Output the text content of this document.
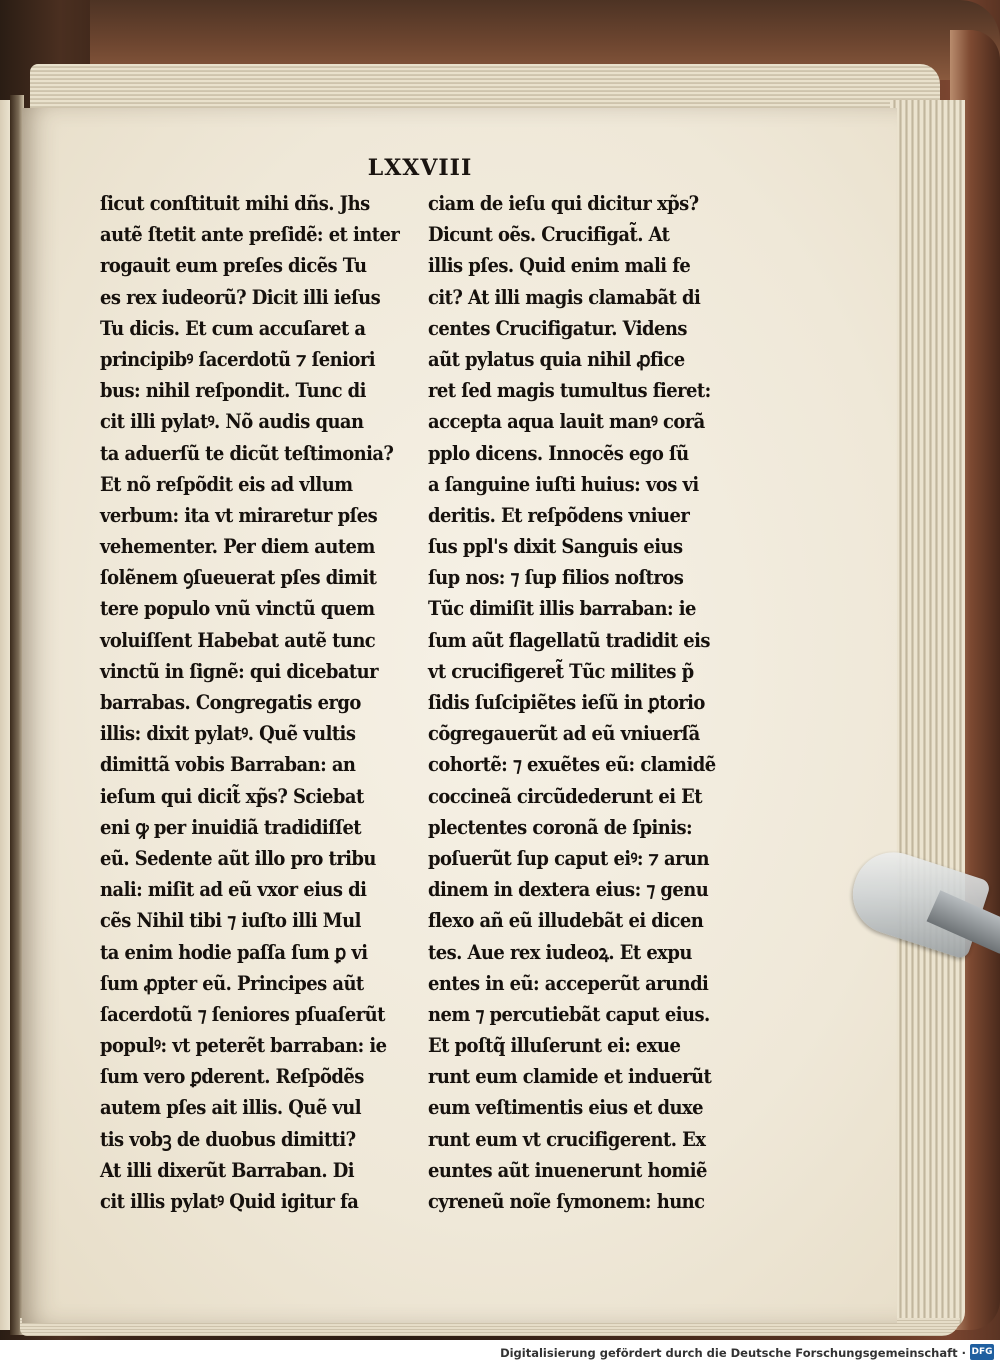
LXXVIII
ſicut conſtituit mihi dñs. Jhs
autẽ ſtetit ante preſidẽ: et inter
rogauit eum preſes dicẽs Tu
es rex iudeorũ? Dicit illi ieſus
Tu dicis. Et cum accuſaret a
principibꝰ ſacerdotũ ⁊ ſeniori
bus: nihil reſpondit. Tunc di
cit illi pylatꝰ. Nõ audis quan
ta aduerſũ te dicũt teſtimonia?
Et nõ reſpõdit eis ad vllum
verbum: ita vt miraretur pſes
vehementer. Per diem autem
ſolẽnem ꝯſueuerat pſes dimit
tere populo vnũ vinctũ quem
voluiſſent Habebat autẽ tunc
vinctũ in ſignẽ: qui dicebatur
barrabas. Congregatis ergo
illis: dixit pylatꝰ. Quẽ vultis
dimittã vobis Barraban: an
ieſum qui dicit̃ xp̃s? Sciebat
eni ꝙ per inuidiã tradidiſſet
eũ. Sedente aũt illo pro tribu
nali: miſit ad eũ vxor eius di
cẽs Nihil tibi ⁊ iuſto illi Mul
ta enim hodie paſſa ſum ꝑ vi
ſum ꝓpter eũ. Principes aũt
ſacerdotũ ⁊ ſeniores pſuaſerũt
populꝰ: vt peterẽt barraban: ie
ſum vero ꝑderent. Reſpõdẽs
autem pſes ait illis. Quẽ vul
tis vobꝫ de duobus dimitti?
At illi dixerũt Barraban. Di
cit illis pylatꝰ Quid igitur fa
ciam de ieſu qui dicitur xp̃s?
Dicunt oẽs. Crucifigat̃. At
illis pſes. Quid enim mali fe
cit? At illi magis clamabãt di
centes Crucifigatur. Videns
aũt pylatus quia nihil ꝓfice
ret ſed magis tumultus fieret:
accepta aqua lauit manꝰ corã
pplo dicens. Innocẽs ego ſũ
a ſanguine iuſti huius: vos vi
deritis. Et reſpõdens vniuer
ſus ppl's dixit Sanguis eius
ſup nos: ⁊ ſup filios noſtros
Tũc dimiſit illis barraban: ie
ſum aũt flagellatũ tradidit eis
vt crucifigeret̃ Tũc milites p̃
ſidis ſuſcipiẽtes ieſũ in ꝑtorio
cõgregauerũt ad eũ vniuerſã
cohortẽ: ⁊ exuẽtes eũ: clamidẽ
coccineã circũdederunt ei Et
plectentes coronã de ſpinis:
poſuerũt ſup caput eiꝰ: ⁊ arun
dinem in dextera eius: ⁊ genu
flexo añ eũ illudebãt ei dicen
tes. Aue rex iudeoꝝ. Et expu
entes in eũ: acceperũt arundi
nem ⁊ percutiebãt caput eius.
Et poſtq̃ illuſerunt ei: exue
runt eum clamide et induerũt
eum veſtimentis eius et duxe
runt eum vt crucifigerent. Ex
euntes aũt inuenerunt homiẽ
cyreneũ noĩe ſymonem: hunc
Digitalisierung gefördert durch die Deutsche Forschungsgemeinschaft · DFG
